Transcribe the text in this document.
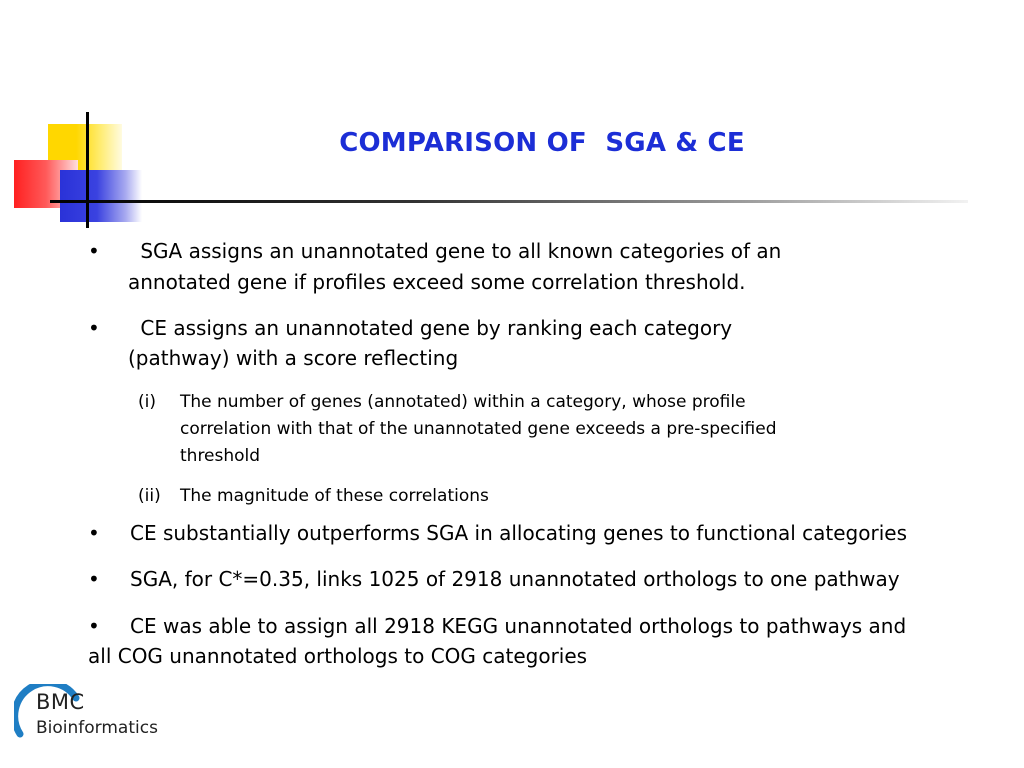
COMPARISON OF  SGA & CE
• SGA assigns an unannotated gene to all known categories of an
annotated gene if profiles exceed some correlation threshold.
• CE assigns an unannotated gene by ranking each category
(pathway) with a score reflecting
(i) The number of genes (annotated) within a category, whose profile
correlation with that of the unannotated gene exceeds a pre-specified
threshold
(ii) The magnitude of these correlations
• CE substantially outperforms SGA in allocating genes to functional categories
• SGA, for C*=0.35, links 1025 of 2918 unannotated orthologs to one pathway
• CE was able to assign all 2918 KEGG unannotated orthologs to pathways and
all COG unannotated orthologs to COG categories
BMC
Bioinformatics
